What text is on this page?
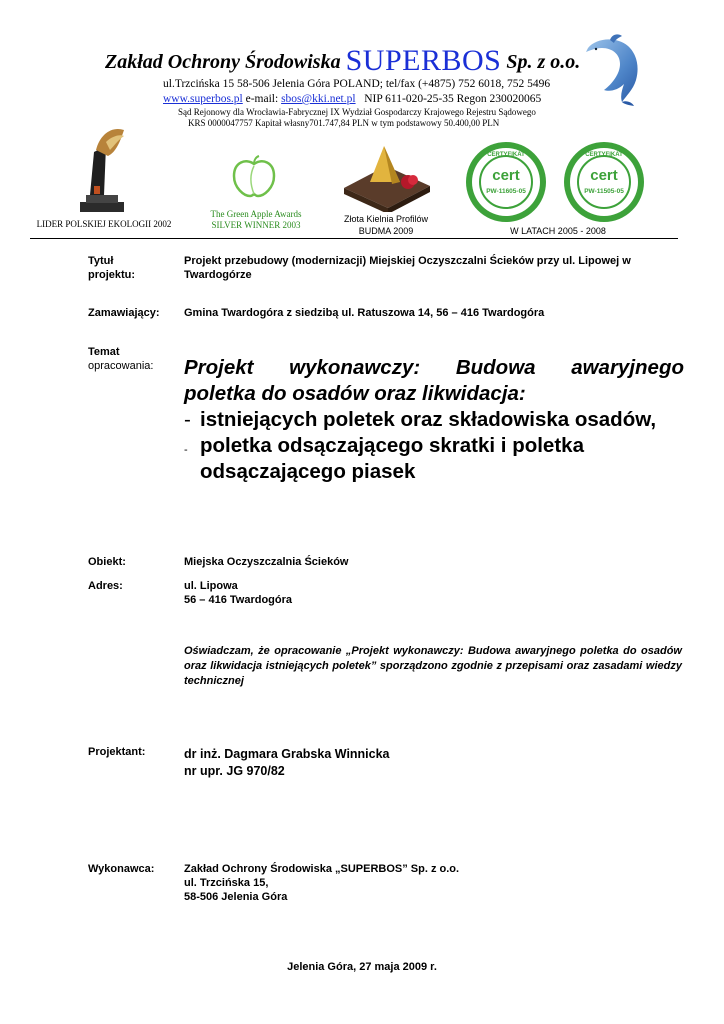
Zakład Ochrony Środowiska SUPERBOS Sp. z o.o.
ul.Trzcińska 15 58-506 Jelenia Góra POLAND; tel/fax (+4875) 752 6018, 752 5496
www.superbos.pl e-mail: sbos@kki.net.pl NIP 611-020-25-35 Regon 230020065
Sąd Rejonowy dla Wrocławia-Fabrycznej IX Wydział Gospodarczy Krajowego Rejestru Sądowego
KRS 0000047757 Kapitał własny701.747,84 PLN w tym podstawowy 50.400,00 PLN
LIDER POLSKIEJ EKOLOGII 2002
The Green Apple Awards
SILVER WINNER 2003
Złota Kielnia Profilów
BUDMA 2009
cert
PW-11605-05
CERTYFIKAT
cert
PW-11505-05
CERTYFIKAT
W LATACH 2005 - 2008
Tytuł
projektu:
Projekt przebudowy (modernizacji) Miejskiej Oczyszczalni Ścieków przy ul. Lipowej w Twardogórze
Zamawiający: Gmina Twardogóra z siedzibą ul. Ratuszowa 14, 56 – 416 Twardogóra
Temat
opracowania: Projekt wykonawczy: Budowa awaryjnego
poletka do osadów oraz likwidacja:
- istniejących poletek oraz składowiska osadów,
- poletka odsączającego skratki i poletka odsączającego piasek
Obiekt:	Miejska Oczyszczalnia Ścieków
Adres:	ul. Lipowa
56 – 416 Twardogóra
Oświadczam, że opracowanie „Projekt wykonawczy: Budowa awaryjnego poletka do osadów oraz likwidacja istniejących poletek” sporządzono zgodnie z przepisami oraz zasadami wiedzy technicznej
Projektant:	dr inż. Dagmara Grabska Winnicka
nr upr. JG 970/82
Wykonawca:	Zakład Ochrony Środowiska „SUPERBOS” Sp. z o.o.
ul. Trzcińska 15,
58-506 Jelenia Góra
Jelenia Góra, 27 maja 2009 r.
